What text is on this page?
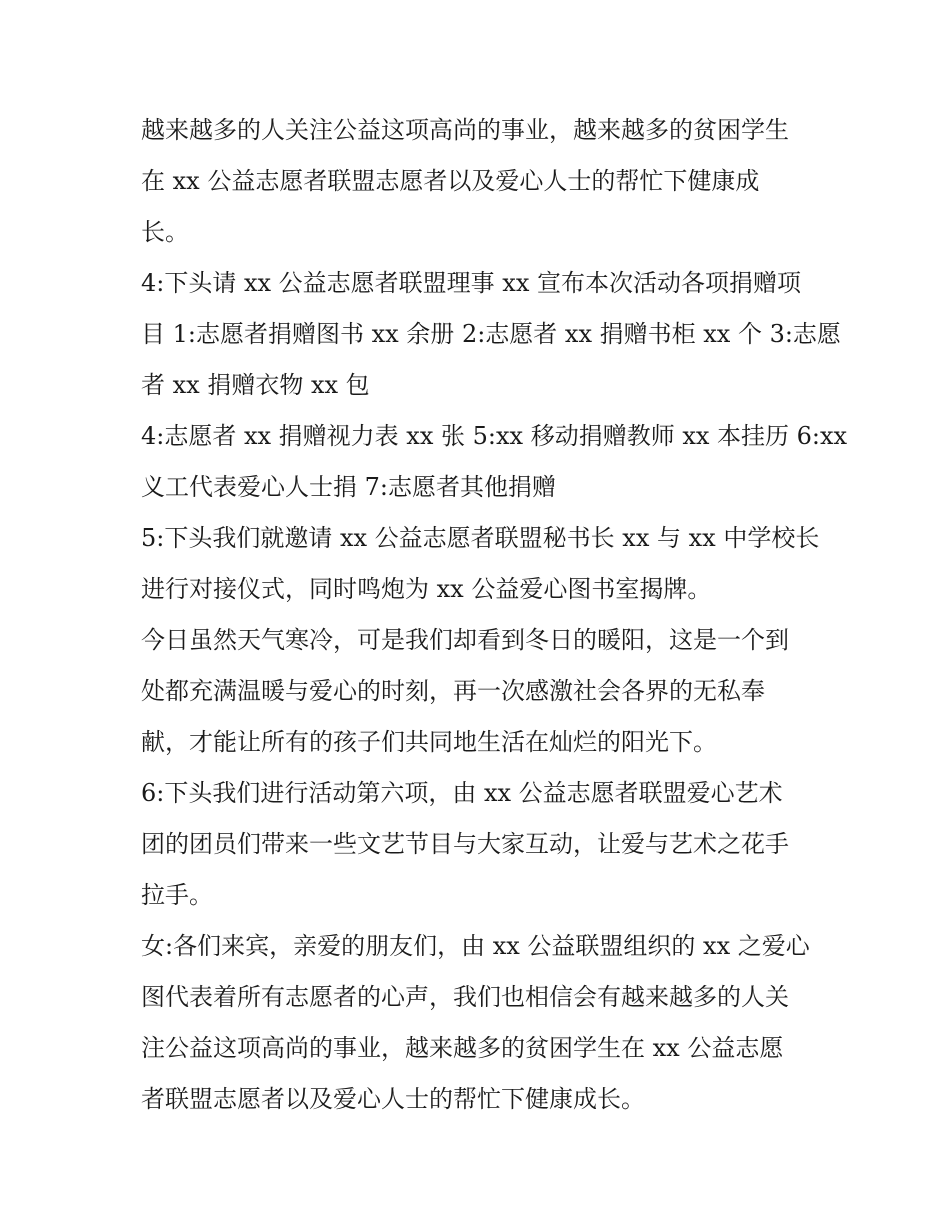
越来越多的人关注公益这项高尚的事业，越来越多的贫困学生
在 xx 公益志愿者联盟志愿者以及爱心人士的帮忙下健康成
长。

4:下头请 xx 公益志愿者联盟理事 xx 宣布本次活动各项捐赠项
目 1:志愿者捐赠图书 xx 余册 2:志愿者 xx 捐赠书柜 xx 个 3:志愿
者 xx 捐赠衣物 xx 包

4:志愿者 xx 捐赠视力表 xx 张 5:xx 移动捐赠教师 xx 本挂历 6:xx
义工代表爱心人士捐 7:志愿者其他捐赠

5:下头我们就邀请 xx 公益志愿者联盟秘书长 xx 与 xx 中学校长
进行对接仪式，同时鸣炮为 xx 公益爱心图书室揭牌。

今日虽然天气寒冷，可是我们却看到冬日的暖阳，这是一个到
处都充满温暖与爱心的时刻，再一次感激社会各界的无私奉
献，才能让所有的孩子们共同地生活在灿烂的阳光下。

6:下头我们进行活动第六项，由 xx 公益志愿者联盟爱心艺术
团的团员们带来一些文艺节目与大家互动，让爱与艺术之花手
拉手。

女:各们来宾，亲爱的朋友们，由 xx 公益联盟组织的 xx 之爱心
图代表着所有志愿者的心声，我们也相信会有越来越多的人关
注公益这项高尚的事业，越来越多的贫困学生在 xx 公益志愿
者联盟志愿者以及爱心人士的帮忙下健康成长。
